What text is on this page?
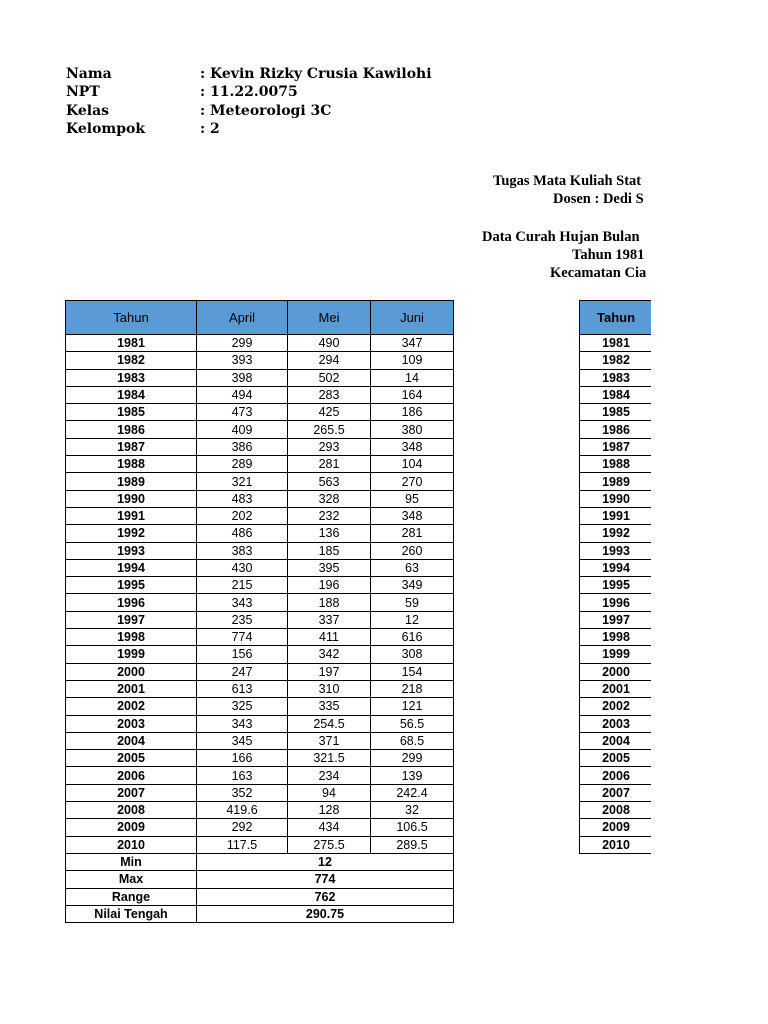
Nama	: Kevin Rizky Crusia Kawilohi
NPT	: 11.22.0075
Kelas	: Meteorologi 3C
Kelompok	: 2
Tugas Mata Kuliah Stat
Dosen : Dedi S
Data Curah Hujan Bulan
Tahun 1981
Kecamatan Cia
Tahun	April	Mei	Juni
1981	299	490	347
1982	393	294	109
1983	398	502	14
1984	494	283	164
1985	473	425	186
1986	409	265.5	380
1987	386	293	348
1988	289	281	104
1989	321	563	270
1990	483	328	95
1991	202	232	348
1992	486	136	281
1993	383	185	260
1994	430	395	63
1995	215	196	349
1996	343	188	59
1997	235	337	12
1998	774	411	616
1999	156	342	308
2000	247	197	154
2001	613	310	218
2002	325	335	121
2003	343	254.5	56.5
2004	345	371	68.5
2005	166	321.5	299
2006	163	234	139
2007	352	94	242.4
2008	419.6	128	32
2009	292	434	106.5
2010	117.5	275.5	289.5
Min	12		
Max	774		
Range	762		
Nilai Tengah	290.75		
Tahun
1981
1982
1983
1984
1985
1986
1987
1988
1989
1990
1991
1992
1993
1994
1995
1996
1997
1998
1999
2000
2001
2002
2003
2004
2005
2006
2007
2008
2009
2010
